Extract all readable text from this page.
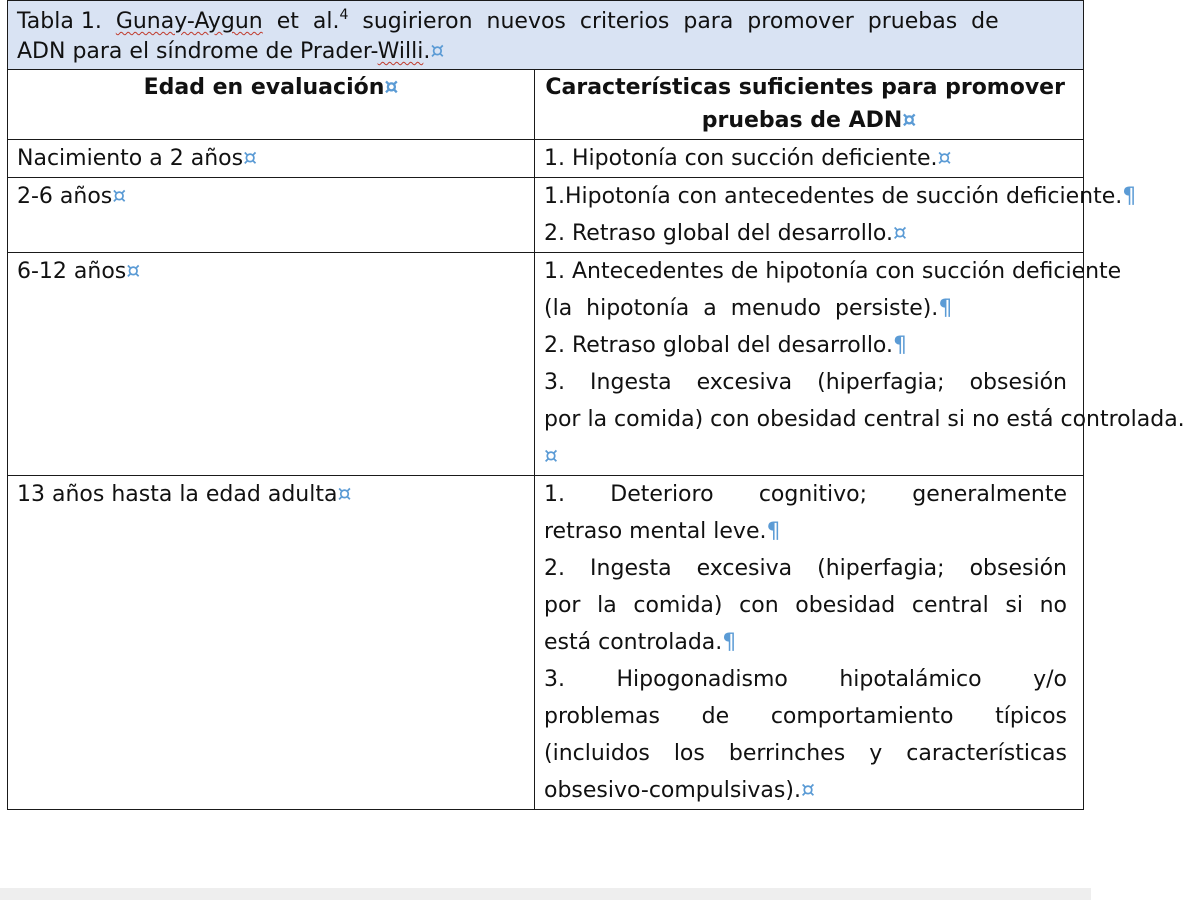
Tabla 1.  Gunay-Aygun  et  al.$^4$  sugirieron  nuevos  criterios  para  promover  pruebas  de
ADN para el síndrome de Prader-Willi.¤	
Edad en evaluación¤	Características suficientes para promover
pruebas de ADN¤
Nacimiento a 2 años¤	1. Hipotonía con succión deficiente.¤

2-6 años¤	1.Hipotonía con antecedentes de succión deficiente.¶
2. Retraso global del desarrollo.¤

6-12 años¤	1. Antecedentes de hipotonía con succión deficiente  (la  hipotonía  a  menudo  persiste).¶
2. Retraso global del desarrollo.¶
3. Ingesta excesiva (hiperfagia; obsesión  por la comida) con obesidad central si no está controlada.¤

13 años hasta la edad adulta¤	1.  Deterioro  cognitivo;  generalmente  retraso mental leve.¶
2.  Ingesta  excesiva  (hiperfagia;  obsesión  por la comida) con obesidad central si no  está controlada.¶
3.  Hipogonadismo  hipotalámico  y/o  problemas  de  comportamiento  típicos  (incluidos  los  berrinches  y  características  obsesivo-compulsivas).¤
